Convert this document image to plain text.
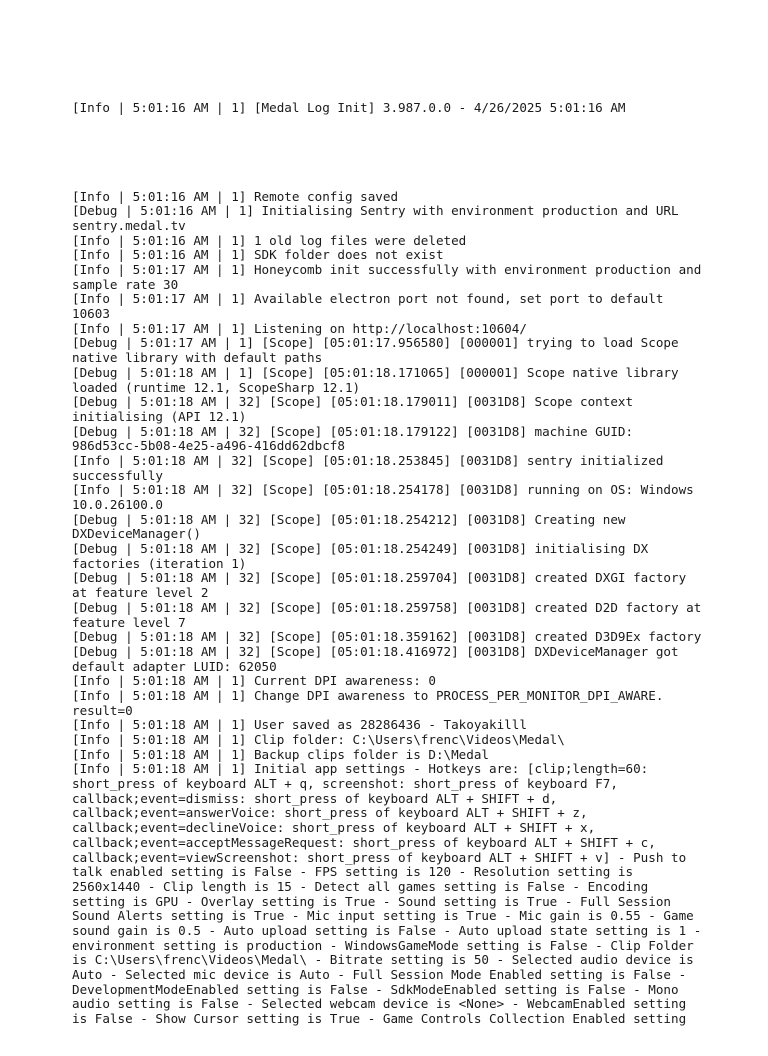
[Info | 5:01:16 AM | 1] [Medal Log Init] 3.987.0.0 - 4/26/2025 5:01:16 AM

[Info | 5:01:16 AM | 1] Remote config saved
[Debug | 5:01:16 AM | 1] Initialising Sentry with environment production and URL
sentry.medal.tv
[Info | 5:01:16 AM | 1] 1 old log files were deleted
[Info | 5:01:16 AM | 1] SDK folder does not exist
[Info | 5:01:17 AM | 1] Honeycomb init successfully with environment production and
sample rate 30
[Info | 5:01:17 AM | 1] Available electron port not found, set port to default
10603
[Info | 5:01:17 AM | 1] Listening on http://localhost:10604/
[Debug | 5:01:17 AM | 1] [Scope] [05:01:17.956580] [000001] trying to load Scope
native library with default paths
[Debug | 5:01:18 AM | 1] [Scope] [05:01:18.171065] [000001] Scope native library
loaded (runtime 12.1, ScopeSharp 12.1)
[Debug | 5:01:18 AM | 32] [Scope] [05:01:18.179011] [0031D8] Scope context
initialising (API 12.1)
[Debug | 5:01:18 AM | 32] [Scope] [05:01:18.179122] [0031D8] machine GUID:
986d53cc-5b08-4e25-a496-416dd62dbcf8
[Info | 5:01:18 AM | 32] [Scope] [05:01:18.253845] [0031D8] sentry initialized
successfully
[Info | 5:01:18 AM | 32] [Scope] [05:01:18.254178] [0031D8] running on OS: Windows
10.0.26100.0
[Debug | 5:01:18 AM | 32] [Scope] [05:01:18.254212] [0031D8] Creating new
DXDeviceManager()
[Debug | 5:01:18 AM | 32] [Scope] [05:01:18.254249] [0031D8] initialising DX
factories (iteration 1)
[Debug | 5:01:18 AM | 32] [Scope] [05:01:18.259704] [0031D8] created DXGI factory
at feature level 2
[Debug | 5:01:18 AM | 32] [Scope] [05:01:18.259758] [0031D8] created D2D factory at
feature level 7
[Debug | 5:01:18 AM | 32] [Scope] [05:01:18.359162] [0031D8] created D3D9Ex factory
[Debug | 5:01:18 AM | 32] [Scope] [05:01:18.416972] [0031D8] DXDeviceManager got
default adapter LUID: 62050
[Info | 5:01:18 AM | 1] Current DPI awareness: 0
[Info | 5:01:18 AM | 1] Change DPI awareness to PROCESS_PER_MONITOR_DPI_AWARE.
result=0
[Info | 5:01:18 AM | 1] User saved as 28286436 - Takoyakilll
[Info | 5:01:18 AM | 1] Clip folder: C:\Users\frenc\Videos\Medal\
[Info | 5:01:18 AM | 1] Backup clips folder is D:\Medal
[Info | 5:01:18 AM | 1] Initial app settings - Hotkeys are: [clip;length=60:
short_press of keyboard ALT + q, screenshot: short_press of keyboard F7,
callback;event=dismiss: short_press of keyboard ALT + SHIFT + d,
callback;event=answerVoice: short_press of keyboard ALT + SHIFT + z,
callback;event=declineVoice: short_press of keyboard ALT + SHIFT + x,
callback;event=acceptMessageRequest: short_press of keyboard ALT + SHIFT + c,
callback;event=viewScreenshot: short_press of keyboard ALT + SHIFT + v] - Push to
talk enabled setting is False - FPS setting is 120 - Resolution setting is
2560x1440 - Clip length is 15 - Detect all games setting is False - Encoding
setting is GPU - Overlay setting is True - Sound setting is True - Full Session
Sound Alerts setting is True - Mic input setting is True - Mic gain is 0.55 - Game
sound gain is 0.5 - Auto upload setting is False - Auto upload state setting is 1 -
environment setting is production - WindowsGameMode setting is False - Clip Folder
is C:\Users\frenc\Videos\Medal\ - Bitrate setting is 50 - Selected audio device is
Auto - Selected mic device is Auto - Full Session Mode Enabled setting is False -
DevelopmentModeEnabled setting is False - SdkModeEnabled setting is False - Mono
audio setting is False - Selected webcam device is <None> - WebcamEnabled setting
is False - Show Cursor setting is True - Game Controls Collection Enabled setting
